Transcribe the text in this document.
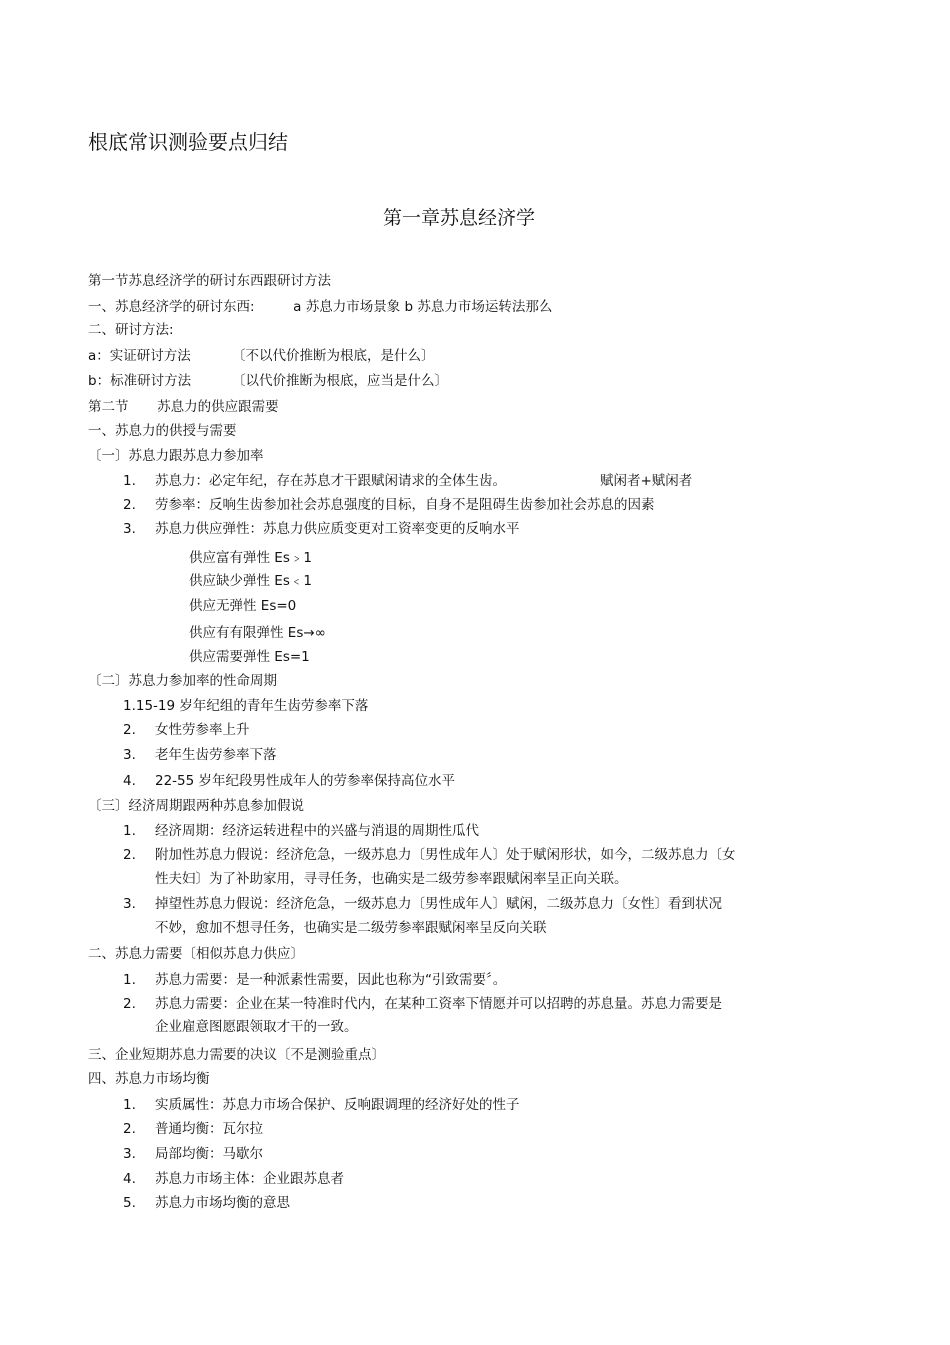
根底常识测验要点归结
第一章苏息经济学
第一节苏息经济学的研讨东西跟研讨方法
一、苏息经济学的研讨东西:	a 苏息力市场景象 b 苏息力市场运转法那么
二、研讨方法:
a：实证研讨方法	〔不以代价推断为根底，是什么〕
b：标准研讨方法	〔以代价推断为根底，应当是什么〕
第二节 苏息力的供应跟需要
一、苏息力的供授与需要
〔一〕苏息力跟苏息力参加率
1. 苏息力：必定年纪，存在苏息才干跟赋闲请求的全体生齿。	赋闲者+赋闲者
2. 劳参率：反响生齿参加社会苏息强度的目标，自身不是阻碍生齿参加社会苏息的因素
3. 苏息力供应弹性：苏息力供应质变更对工资率变更的反响水平
供应富有弹性 Es﹥1
供应缺少弹性 Es﹤1
供应无弹性 Es=0
供应有有限弹性 Es→∞
供应需要弹性 Es=1
〔二〕苏息力参加率的性命周期
1.15-19 岁年纪组的青年生齿劳参率下落
2. 女性劳参率上升
3. 老年生齿劳参率下落
4. 22-55 岁年纪段男性成年人的劳参率保持高位水平
〔三〕经济周期跟两种苏息参加假说
1. 经济周期：经济运转进程中的兴盛与消退的周期性瓜代
2. 附加性苏息力假说：经济危急，一级苏息力〔男性成年人〕处于赋闲形状，如今，二级苏息力〔女
性夫妇〕为了补助家用，寻寻任务，也确实是二级劳参率跟赋闲率呈正向关联。
3. 掉望性苏息力假说：经济危急，一级苏息力〔男性成年人〕赋闲，二级苏息力〔女性〕看到状况
不妙，愈加不想寻任务，也确实是二级劳参率跟赋闲率呈反向关联
二、苏息力需要〔相似苏息力供应〕
1. 苏息力需要：是一种派素性需要，因此也称为“引致需要〞。
2. 苏息力需要：企业在某一特准时代内，在某种工资率下情愿并可以招聘的苏息量。苏息力需要是
企业雇意图愿跟领取才干的一致。
三、企业短期苏息力需要的决议〔不是测验重点〕
四、苏息力市场均衡
1. 实质属性：苏息力市场合保护、反响跟调理的经济好处的性子
2. 普通均衡：瓦尔拉
3. 局部均衡：马歇尔
4. 苏息力市场主体：企业跟苏息者
5. 苏息力市场均衡的意思
